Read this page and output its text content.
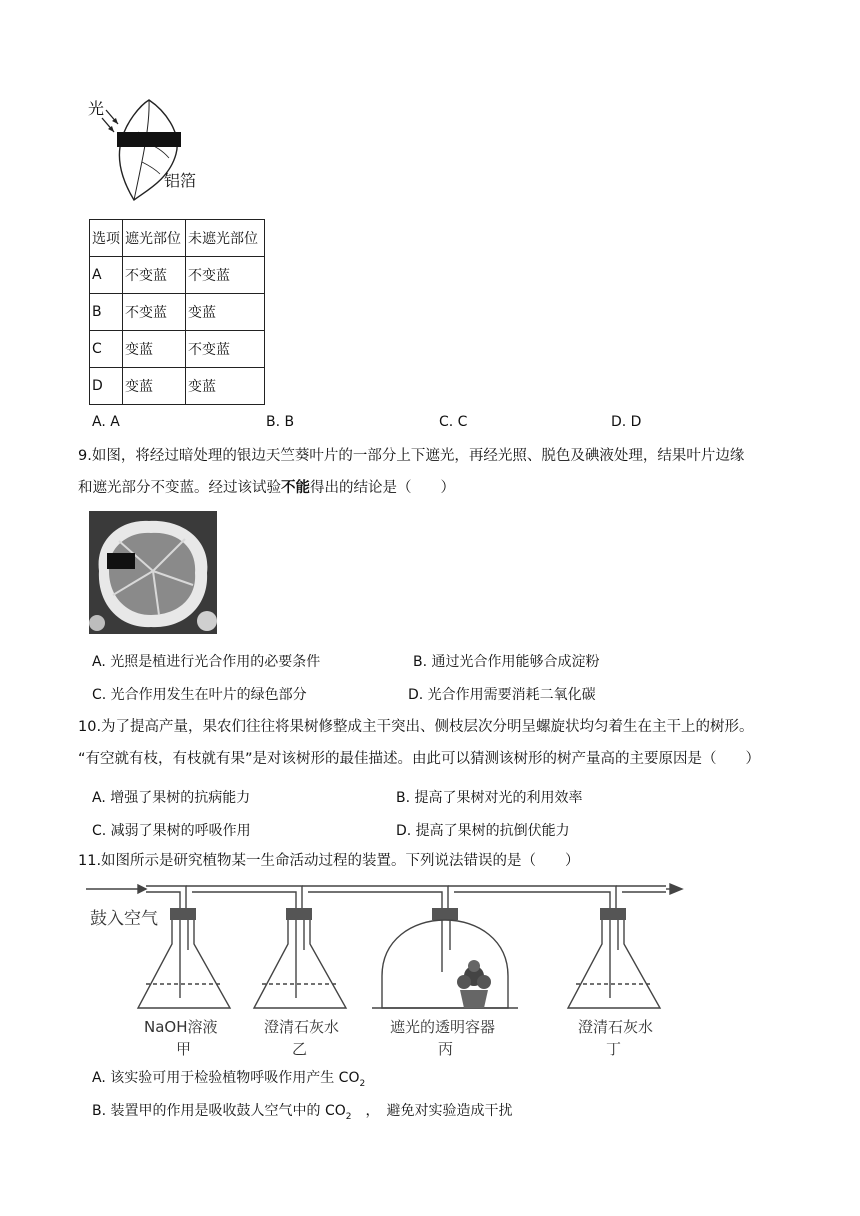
光
铝箔
选项	遮光部位	未遮光部位
A	不变蓝	不变蓝
B	不变蓝	变蓝
C	变蓝	不变蓝
D	变蓝	变蓝
A. A	B. B	C. C	D. D
9.如图，将经过暗处理的银边天竺葵叶片的一部分上下遮光，再经光照、脱色及碘液处理，结果叶片边缘
和遮光部分不变蓝。经过该试验不能得出的结论是（　　）
A. 光照是植进行光合作用的必要条件	B. 通过光合作用能够合成淀粉
C. 光合作用发生在叶片的绿色部分	D. 光合作用需要消耗二氧化碳
10.为了提高产量，果农们往往将果树修整成主干突出、侧枝层次分明呈螺旋状均匀着生在主干上的树形。
“有空就有枝，有枝就有果”是对该树形的最佳描述。由此可以猜测该树形的树产量高的主要原因是（　　）
A. 增强了果树的抗病能力	B. 提高了果树对光的利用效率
C. 减弱了果树的呼吸作用	D. 提高了果树的抗倒伏能力
11.如图所示是研究植物某一生命活动过程的装置。下列说法错误的是（　　）
鼓入空气
NaOH溶液
甲
澄清石灰水
乙
遮光的透明容器
丙
澄清石灰水
丁
A. 该实验可用于检验植物呼吸作用产生 $CO_2$
B. 装置甲的作用是吸收鼓人空气中的 $CO_2$　，　避免对实验造成干扰
